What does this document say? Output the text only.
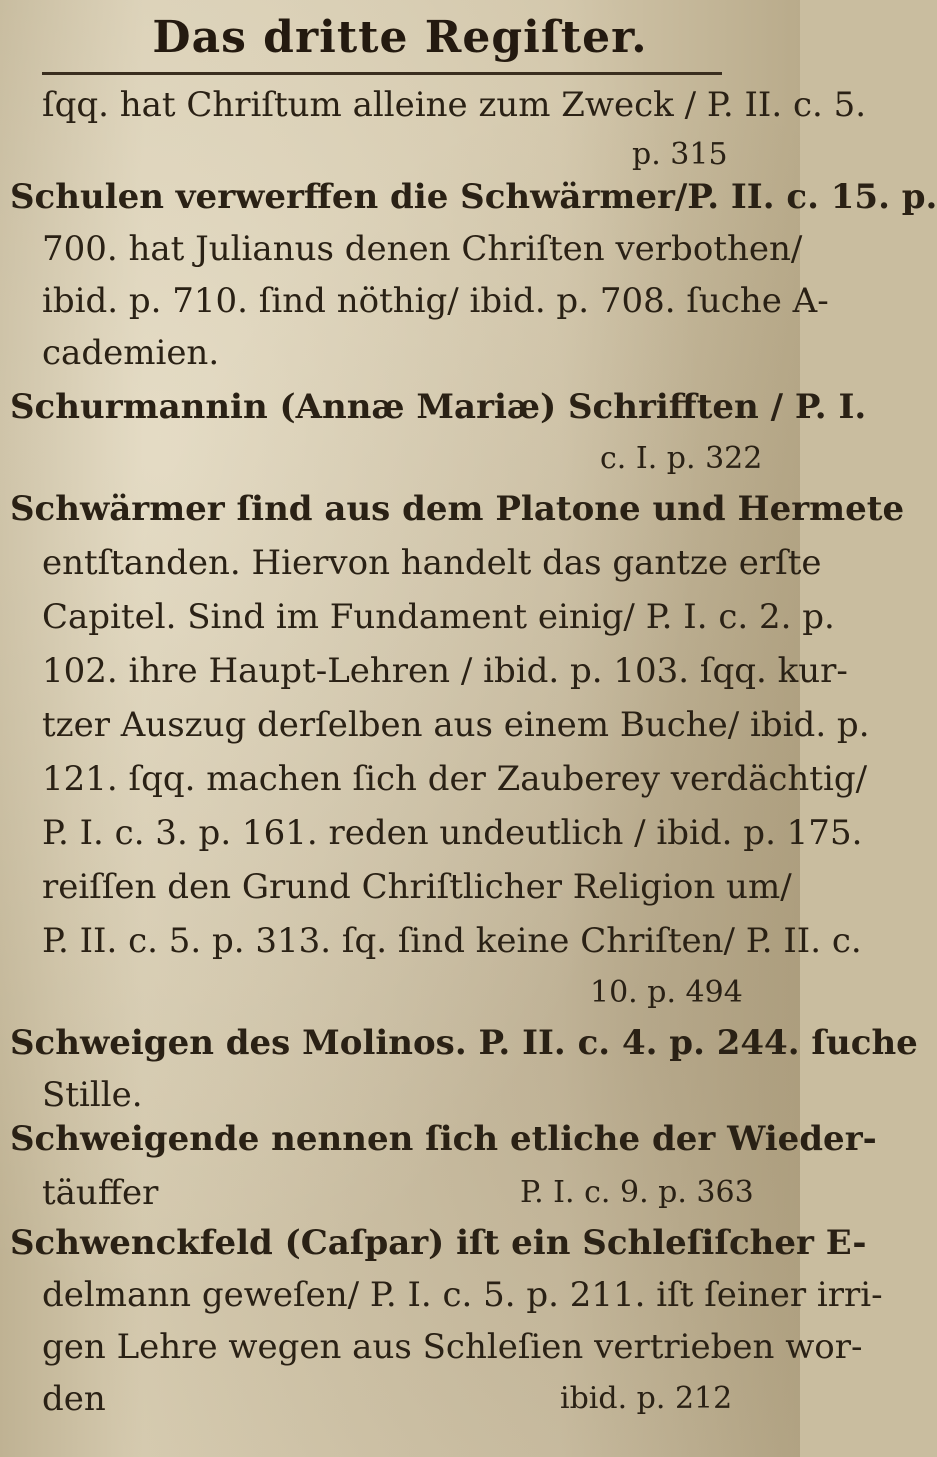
Das dritte Regiſter.
ſqq. hat Chriſtum alleine zum Zweck / P. II. c. 5.
p. 315
Schulen verwerffen die Schwärmer/P. II. c. 15. p.
700. hat Julianus denen Chriſten verbothen/
ibid. p. 710. ſind nöthig/ ibid. p. 708. ſuche A-
cademien.
Schurmannin (Annæ Mariæ) Schrifften / P. I.
c. I. p. 322
Schwärmer ſind aus dem Platone und Hermete
entſtanden. Hiervon handelt das gantze erſte
Capitel. Sind im Fundament einig/ P. I. c. 2. p.
102. ihre Haupt-Lehren / ibid. p. 103. ſqq. kur-
tzer Auszug derſelben aus einem Buche/ ibid. p.
121. ſqq. machen ſich der Zauberey verdächtig/
P. I. c. 3. p. 161. reden undeutlich / ibid. p. 175.
reiſſen den Grund Chriſtlicher Religion um/
P. II. c. 5. p. 313. ſq. ſind keine Chriſten/ P. II. c.
10. p. 494
Schweigen des Molinos. P. II. c. 4. p. 244. ſuche
Stille.
Schweigende nennen ſich etliche der Wieder-
täuffer	P. I. c. 9. p. 363
Schwenckfeld (Caſpar) iſt ein Schleſiſcher E-
delmann geweſen/ P. I. c. 5. p. 211. iſt ſeiner irri-
gen Lehre wegen aus Schleſien vertrieben wor-
den	ibid. p. 212
